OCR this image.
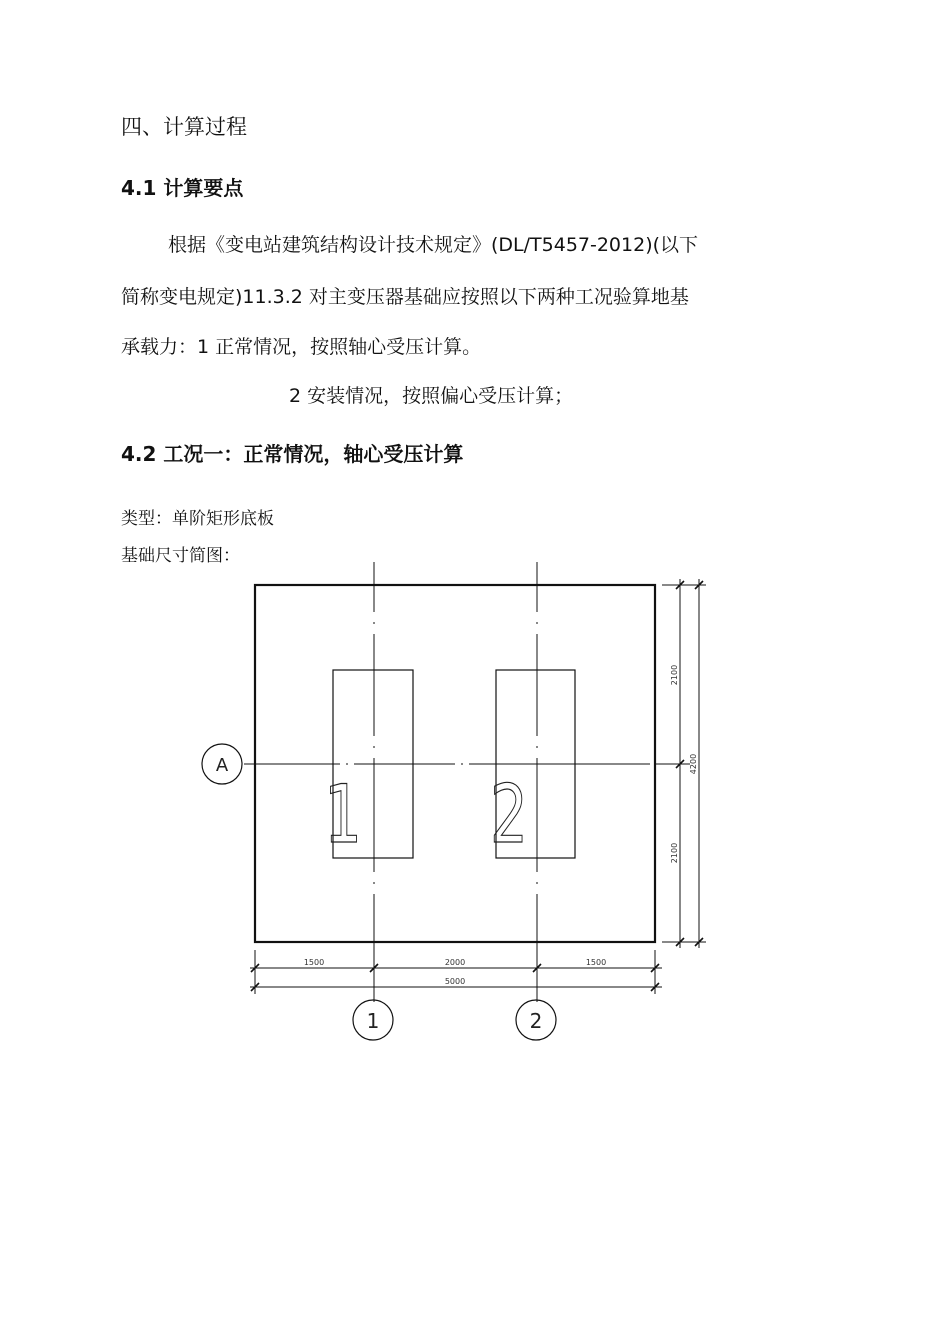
四、计算过程
4.1 计算要点
根据《变电站建筑结构设计技术规定》(DL/T5457-2012)(以下
简称变电规定)11.3.2 对主变压器基础应按照以下两种工况验算地基
承载力：1 正常情况，按照轴心受压计算。
2 安装情况，按照偏心受压计算；
4.2 工况一：正常情况，轴心受压计算
类型：单阶矩形底板
基础尺寸简图：
A
1	2
1 2
1500	2000	1500
5000
2100
2100
4200
